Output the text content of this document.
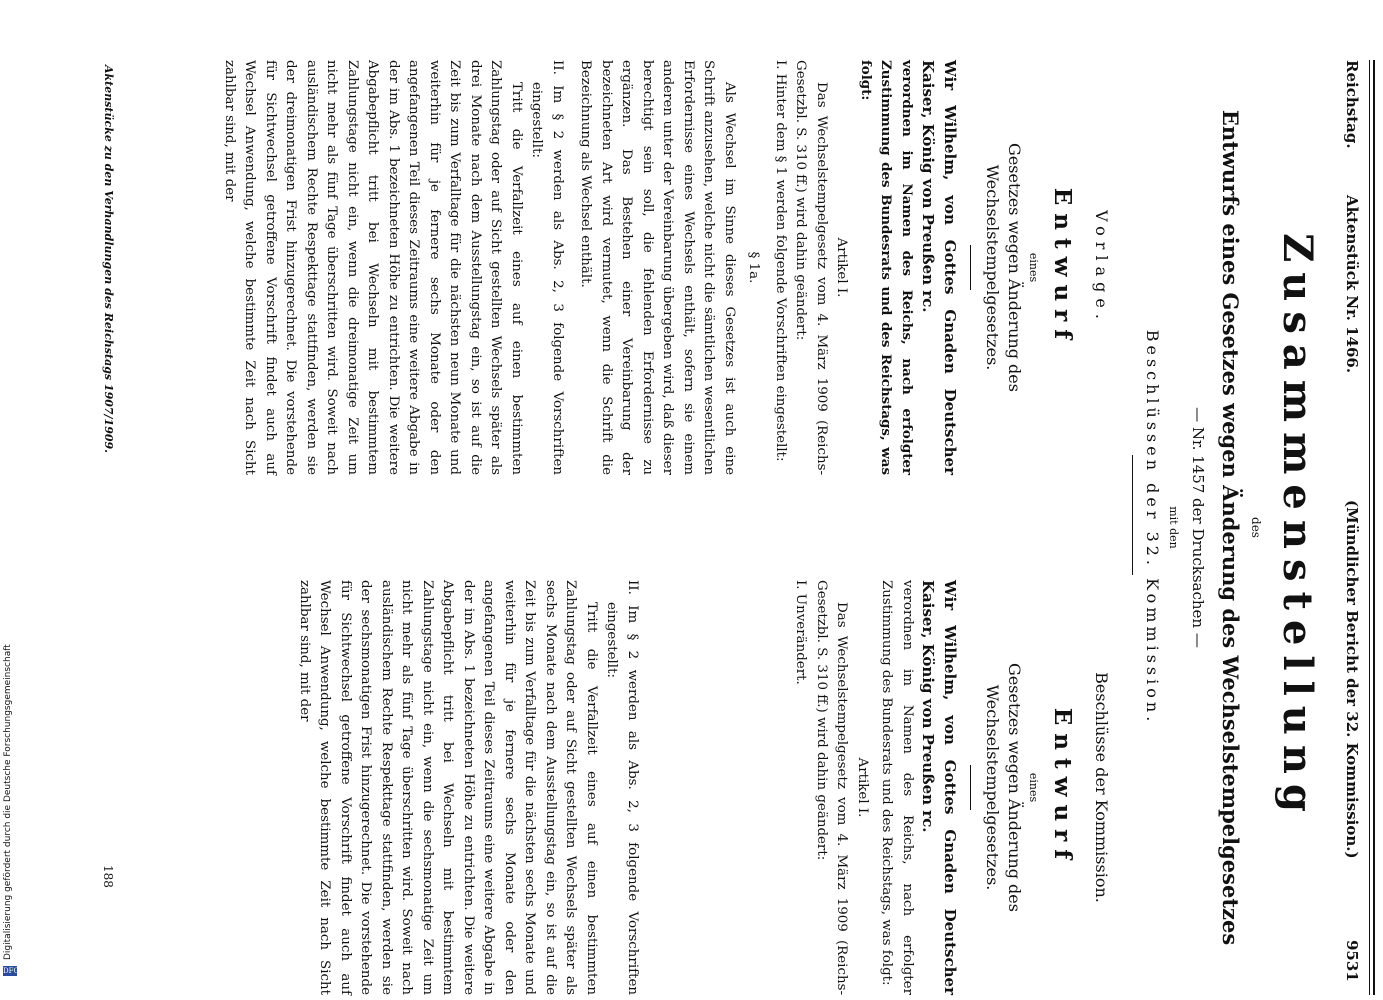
Reichstag.
Aktenstück Nr. 1466.
(Mündlicher Bericht der 32. Kommission.)
9531
Zusammenstellung
des
Entwurfs eines Gesetzes wegen Änderung des Wechselstempelgesetzes
— Nr. 1457 der Drucksachen —
mit den
Beschlüssen der 32. Kommission.
Vorlage.
Entwurf
eines
Gesetzes wegen Änderung des Wechselstempelgesetzes.

Wir Wilhelm, von Gottes Gnaden Deutscher Kaiser, König von Preußen rc.

verordnen im Namen des Reichs, nach erfolgter Zustimmung des Bundesrats und des Reichstags, was folgt:

Artikel I.

Das Wechselstempelgesetz vom 4. März 1909 (Reichs-Gesetzbl. S. 310 ff.) wird dahin geändert:

I. Hinter dem § 1 werden folgende Vorschriften eingestellt:

§ 1a.

Als Wechsel im Sinne dieses Gesetzes ist auch eine Schrift anzusehen, welche nicht die sämtlichen wesentlichen Erfordernisse eines Wechsels enthält, sofern sie einem anderen unter der Vereinbarung übergeben wird, daß dieser berechtigt sein soll, die fehlenden Erfordernisse zu ergänzen. Das Bestehen einer Vereinbarung der bezeichneten Art wird vermutet, wenn die Schrift die Bezeichnung als Wechsel enthält.

II. Im § 2 werden als Abs. 2, 3 folgende Vorschriften eingestellt:

Tritt die Verfallzeit eines auf einen bestimmten Zahlungstag oder auf Sicht gestellten Wechsels später als drei Monate nach dem Ausstellungstag ein, so ist auf die Zeit bis zum Verfalltage für die nächsten neun Monate und weiterhin für je fernere sechs Monate oder den angefangenen Teil dieses Zeitraums eine weitere Abgabe in der im Abs. 1 bezeichneten Höhe zu entrichten. Die weitere Abgabepflicht tritt bei Wechseln mit bestimmtem Zahlungstage nicht ein, wenn die dreimonatige Zeit um nicht mehr als fünf Tage überschritten wird. Soweit nach ausländischem Rechte Respekttage stattfinden, werden sie der dreimonatigen Frist hinzugerechnet. Die vorstehende für Sichtwechsel getroffene Vorschrift findet auch auf Wechsel Anwendung, welche bestimmte Zeit nach Sicht zahlbar sind, mit der

Aktenstücke zu den Verhandlungen des Reichstags 1907/1909.
Beschlüsse der Kommission.
Entwurf
eines
Gesetzes wegen Änderung des Wechselstempelgesetzes.

Wir Wilhelm, von Gottes Gnaden Deutscher Kaiser, König von Preußen rc.

verordnen im Namen des Reichs, nach erfolgter Zustimmung des Bundesrats und des Reichstags, was folgt:

Artikel I.

Das Wechselstempelgesetz vom 4. März 1909 (Reichs-Gesetzbl. S. 310 ff.) wird dahin geändert:

I. Unverändert.

II. Im § 2 werden als Abs. 2, 3 folgende Vorschriften eingestellt:

Tritt die Verfallzeit eines auf einen bestimmten Zahlungstag oder auf Sicht gestellten Wechsels später als sechs Monate nach dem Ausstellungstag ein, so ist auf die Zeit bis zum Verfalltage für die nächsten sechs Monate und weiterhin für je fernere sechs Monate oder den angefangenen Teil dieses Zeitraums eine weitere Abgabe in der im Abs. 1 bezeichneten Höhe zu entrichten. Die weitere Abgabepflicht tritt bei Wechseln mit bestimmtem Zahlungstage nicht ein, wenn die sechsmonatige Zeit um nicht mehr als fünf Tage überschritten wird. Soweit nach ausländischem Rechte Respekttage stattfinden, werden sie der sechsmonatigen Frist hinzugerechnet. Die vorstehende für Sichtwechsel getroffene Vorschrift findet auch auf Wechsel Anwendung, welche bestimmte Zeit nach Sicht zahlbar sind, mit der

188
DFG
Digitalisierung gefördert durch die Deutsche Forschungsgemeinschaft
